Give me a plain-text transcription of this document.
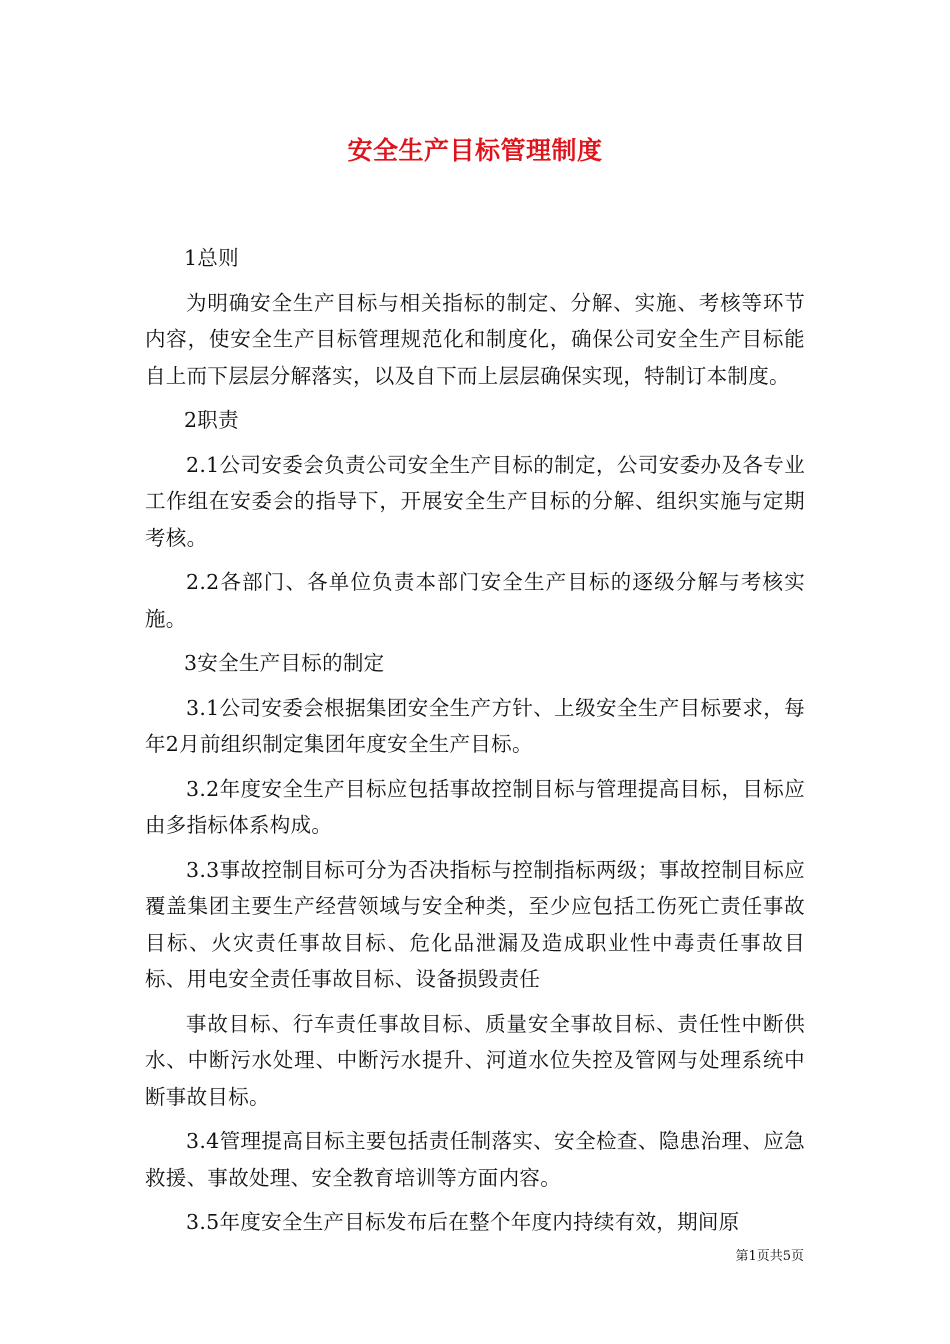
安全生产目标管理制度

1总则

为明确安全生产目标与相关指标的制定、分解、实施、考核等环节内容，使安全生产目标管理规范化和制度化，确保公司安全生产目标能自上而下层层分解落实，以及自下而上层层确保实现，特制订本制度。

2职责

2.1公司安委会负责公司安全生产目标的制定，公司安委办及各专业工作组在安委会的指导下，开展安全生产目标的分解、组织实施与定期考核。

2.2各部门、各单位负责本部门安全生产目标的逐级分解与考核实施。

3安全生产目标的制定

3.1公司安委会根据集团安全生产方针、上级安全生产目标要求，每年2月前组织制定集团年度安全生产目标。

3.2年度安全生产目标应包括事故控制目标与管理提高目标，目标应由多指标体系构成。

3.3事故控制目标可分为否决指标与控制指标两级；事故控制目标应覆盖集团主要生产经营领域与安全种类，至少应包括工伤死亡责任事故目标、火灾责任事故目标、危化品泄漏及造成职业性中毒责任事故目标、用电安全责任事故目标、设备损毁责任

事故目标、行车责任事故目标、质量安全事故目标、责任性中断供水、中断污水处理、中断污水提升、河道水位失控及管网与处理系统中断事故目标。

3.4管理提高目标主要包括责任制落实、安全检查、隐患治理、应急救援、事故处理、安全教育培训等方面内容。

3.5年度安全生产目标发布后在整个年度内持续有效，期间原

第1页共5页
